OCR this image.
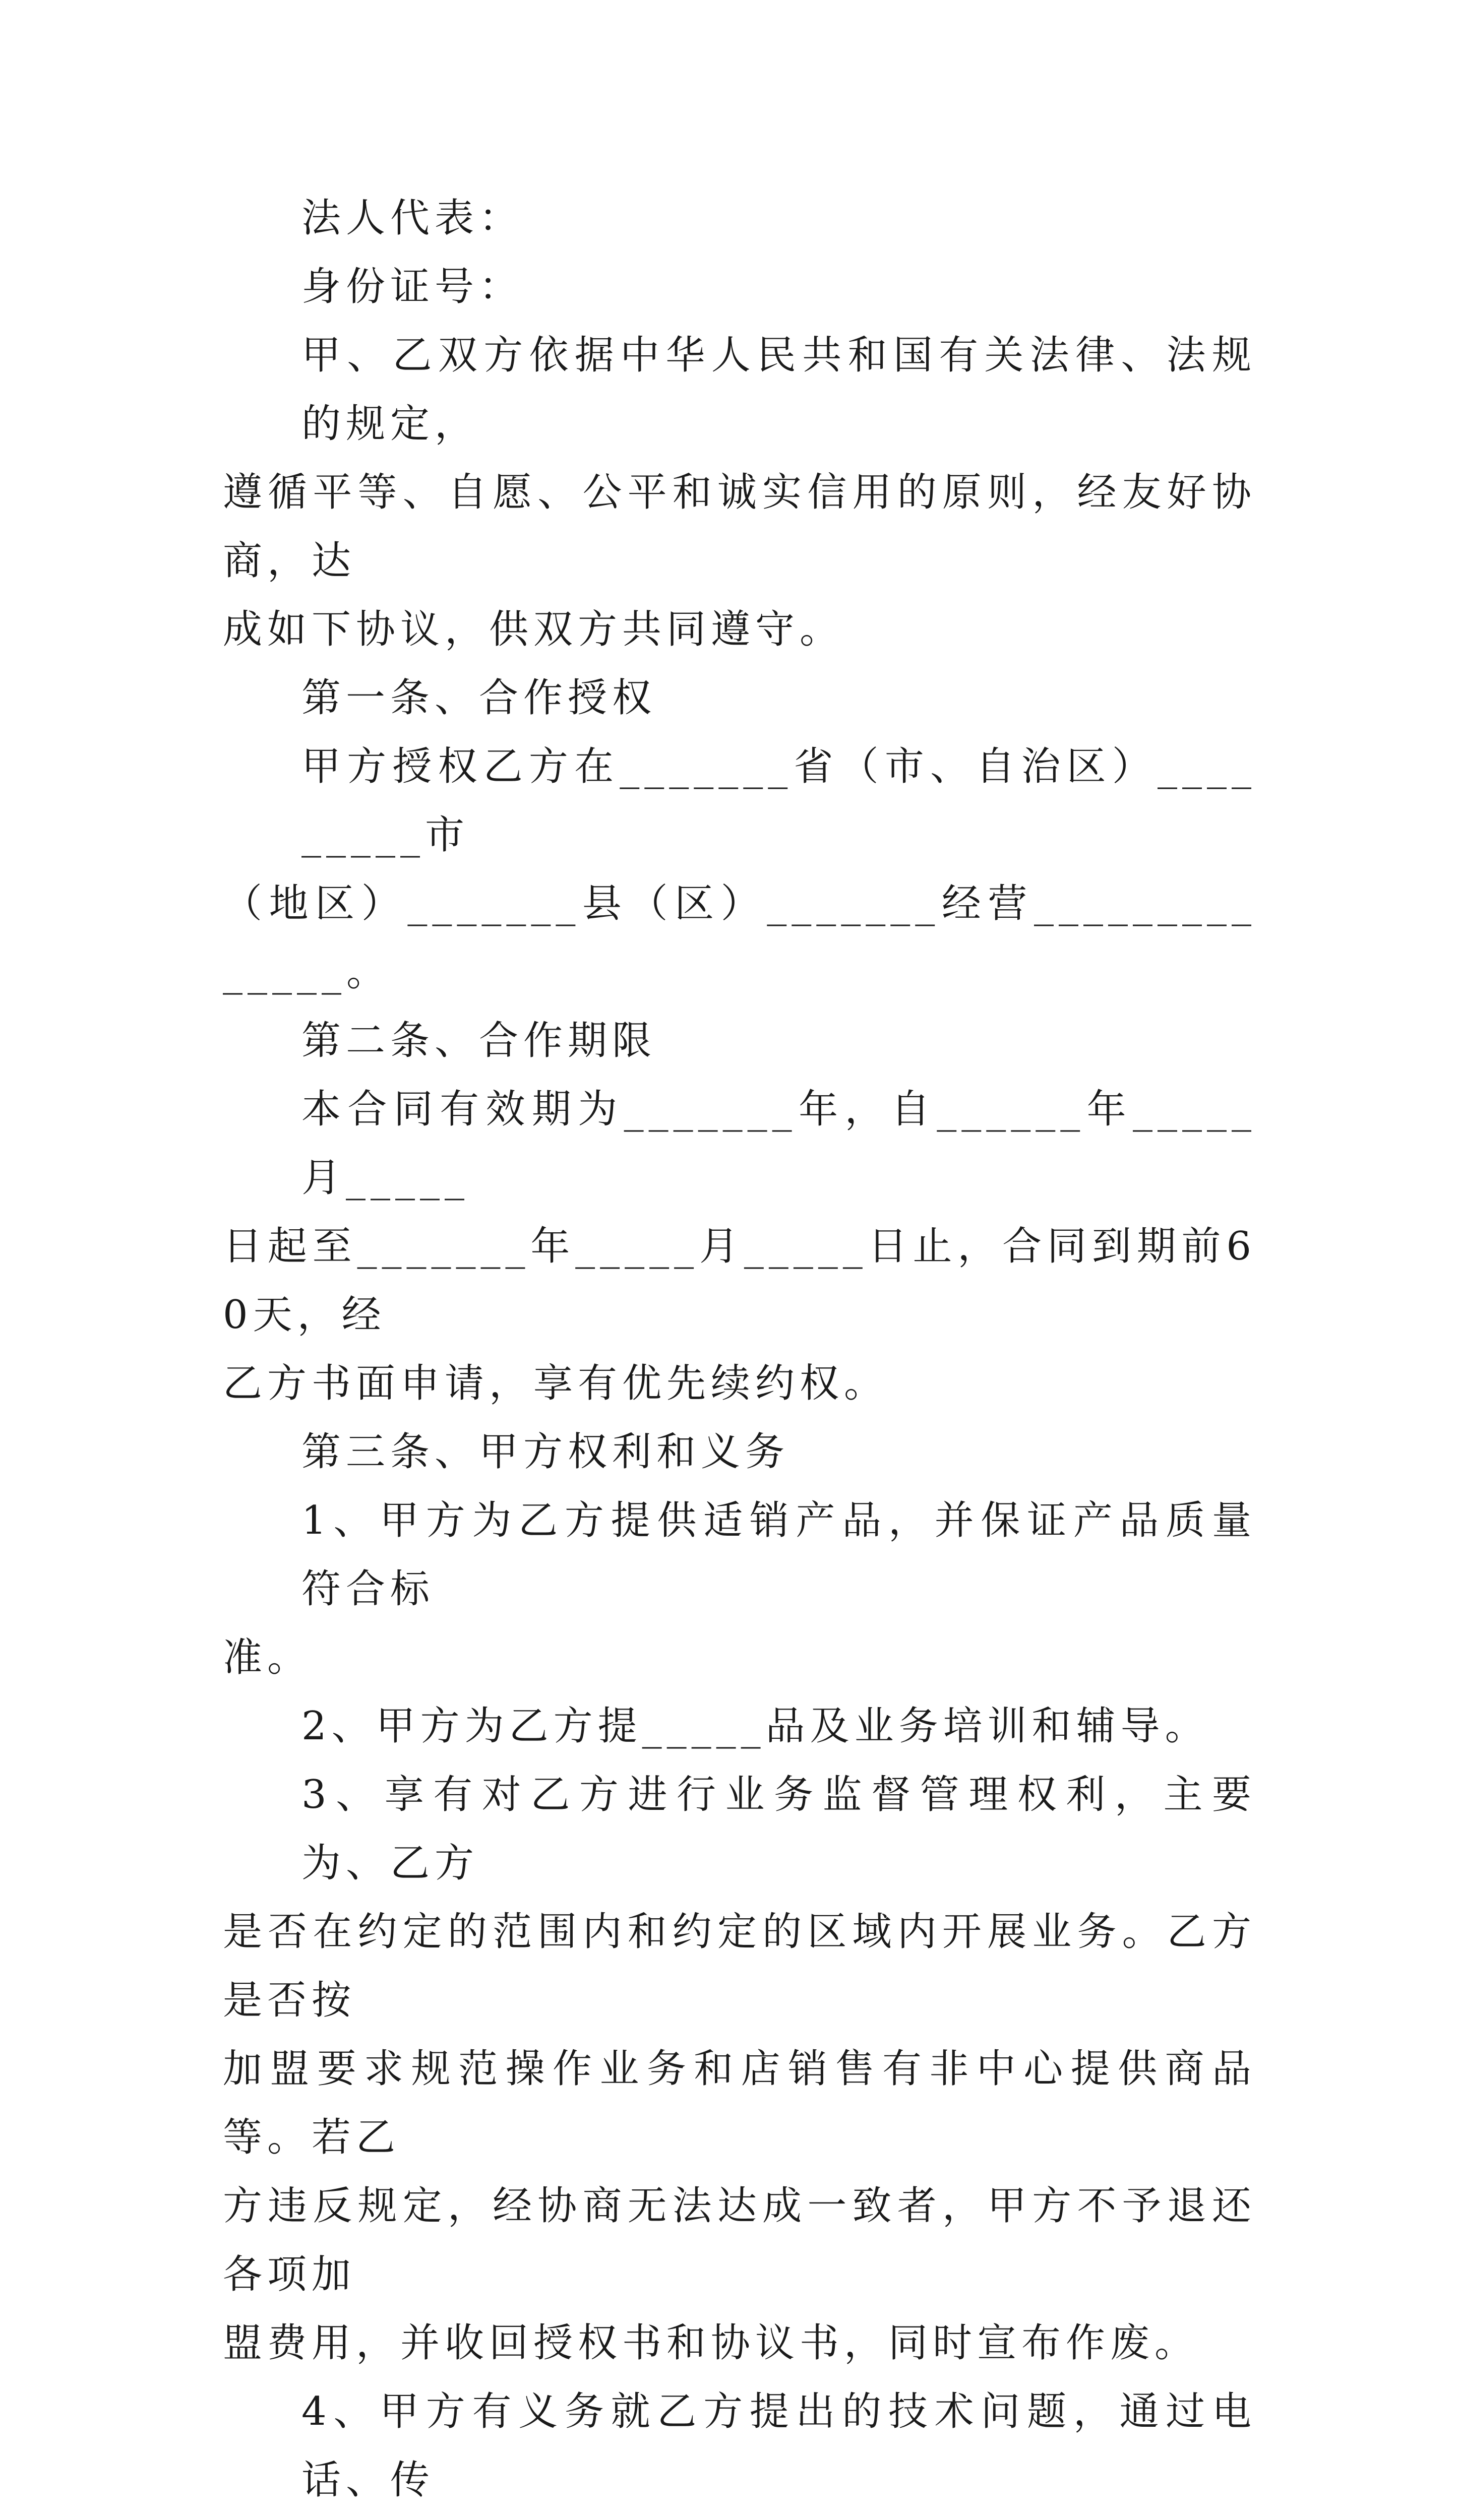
法人代表：

身份证号：

甲、乙双方依据中华人民共和国有关法律、法规的规定，
遵循平等、自愿、公平和诚实信用的原则，经友好协商，达
成如下协议，供双方共同遵守。

第一条、合作授权

甲方授权乙方在_______省（市、自治区）_________市
（地区）_______县（区）_______经营______________。

第二条、合作期限

本合同有效期为_______年，自______年_____月_____
日起至_______年_____月_____日止，合同到期前60天，经
乙方书面申请，享有优先续约权。

第三条、甲方权利和义务

1、甲方为乙方提供适销产品，并保证产品质量符合标
准。

2、甲方为乙方提_____品及业务培训和辅导。

3、享有对乙方进行业务监督管理权利，主要为、乙方
是否在约定的范围内和约定的区域内开展业务。乙方是否按
加盟要求规范操作业务和店销售有非中心提供商品等。若乙
方违反规定，经协商无法达成一致者，甲方不予退还各项加
盟费用，并收回授权书和协议书，同时宣布作废。

4、甲方有义务就乙方提出的技术问题，通过电话、传
